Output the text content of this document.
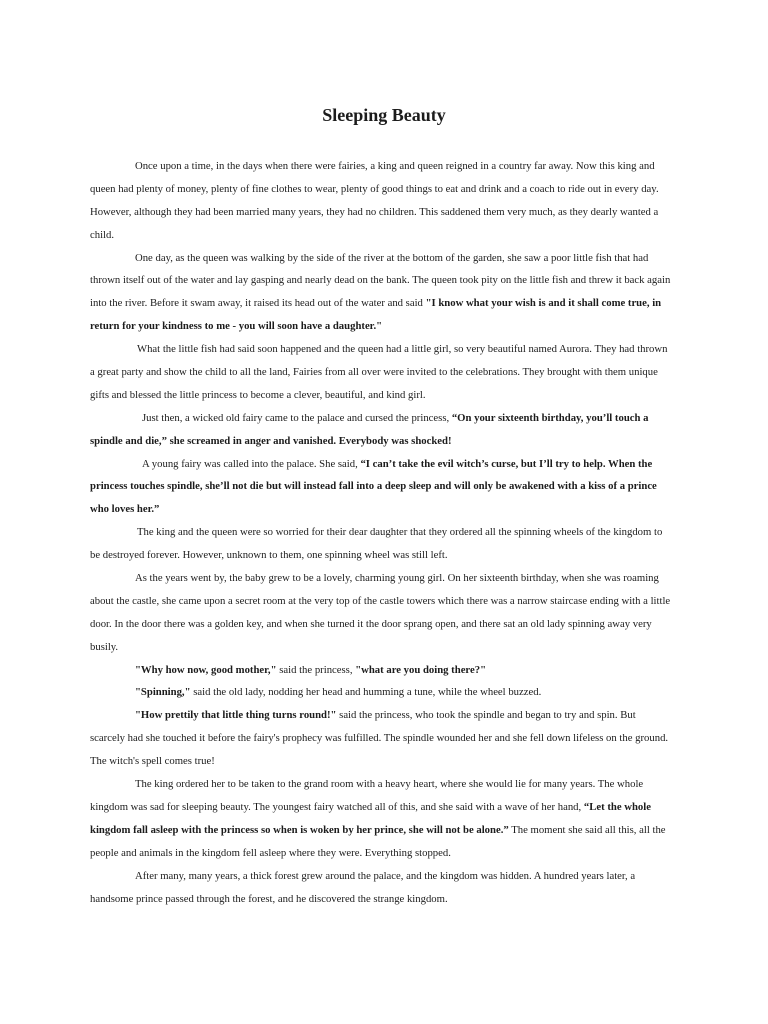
Sleeping Beauty
Once upon a time, in the days when there were fairies, a king and queen reigned in a country far away. Now this king and
queen had plenty of money, plenty of fine clothes to wear, plenty of good things to eat and drink and a coach to ride out in every day.
However, although they had been married many years, they had no children. This saddened them very much, as they dearly wanted a
child.
One day, as the queen was walking by the side of the river at the bottom of the garden, she saw a poor little fish that had
thrown itself out of the water and lay gasping and nearly dead on the bank. The queen took pity on the little fish and threw it back again
into the river. Before it swam away, it raised its head out of the water and said "I know what your wish is and it shall come true, in
return for your kindness to me - you will soon have a daughter."
What the little fish had said soon happened and the queen had a little girl, so very beautiful named Aurora. They had thrown
a great party and show the child to all the land, Fairies from all over were invited to the celebrations. They brought with them unique
gifts and blessed the little princess to become a clever, beautiful, and kind girl.
Just then, a wicked old fairy came to the palace and cursed the princess, “On your sixteenth birthday, you’ll touch a
spindle and die,” she screamed in anger and vanished. Everybody was shocked!
A young fairy was called into the palace. She said, “I can’t take the evil witch’s curse, but I’ll try to help. When the
princess touches spindle, she’ll not die but will instead fall into a deep sleep and will only be awakened with a kiss of a prince
who loves her.”
The king and the queen were so worried for their dear daughter that they ordered all the spinning wheels of the kingdom to
be destroyed forever. However, unknown to them, one spinning wheel was still left.
As the years went by, the baby grew to be a lovely, charming young girl. On her sixteenth birthday, when she was roaming
about the castle, she came upon a secret room at the very top of the castle towers which there was a narrow staircase ending with a little
door. In the door there was a golden key, and when she turned it the door sprang open, and there sat an old lady spinning away very
busily.
"Why how now, good mother," said the princess, "what are you doing there?"
"Spinning," said the old lady, nodding her head and humming a tune, while the wheel buzzed.
"How prettily that little thing turns round!" said the princess, who took the spindle and began to try and spin. But
scarcely had she touched it before the fairy's prophecy was fulfilled. The spindle wounded her and she fell down lifeless on the ground.
The witch's spell comes true!
The king ordered her to be taken to the grand room with a heavy heart, where she would lie for many years. The whole
kingdom was sad for sleeping beauty. The youngest fairy watched all of this, and she said with a wave of her hand, “Let the whole
kingdom fall asleep with the princess so when is woken by her prince, she will not be alone.” The moment she said all this, all the
people and animals in the kingdom fell asleep where they were. Everything stopped.
After many, many years, a thick forest grew around the palace, and the kingdom was hidden. A hundred years later, a
handsome prince passed through the forest, and he discovered the strange kingdom.
